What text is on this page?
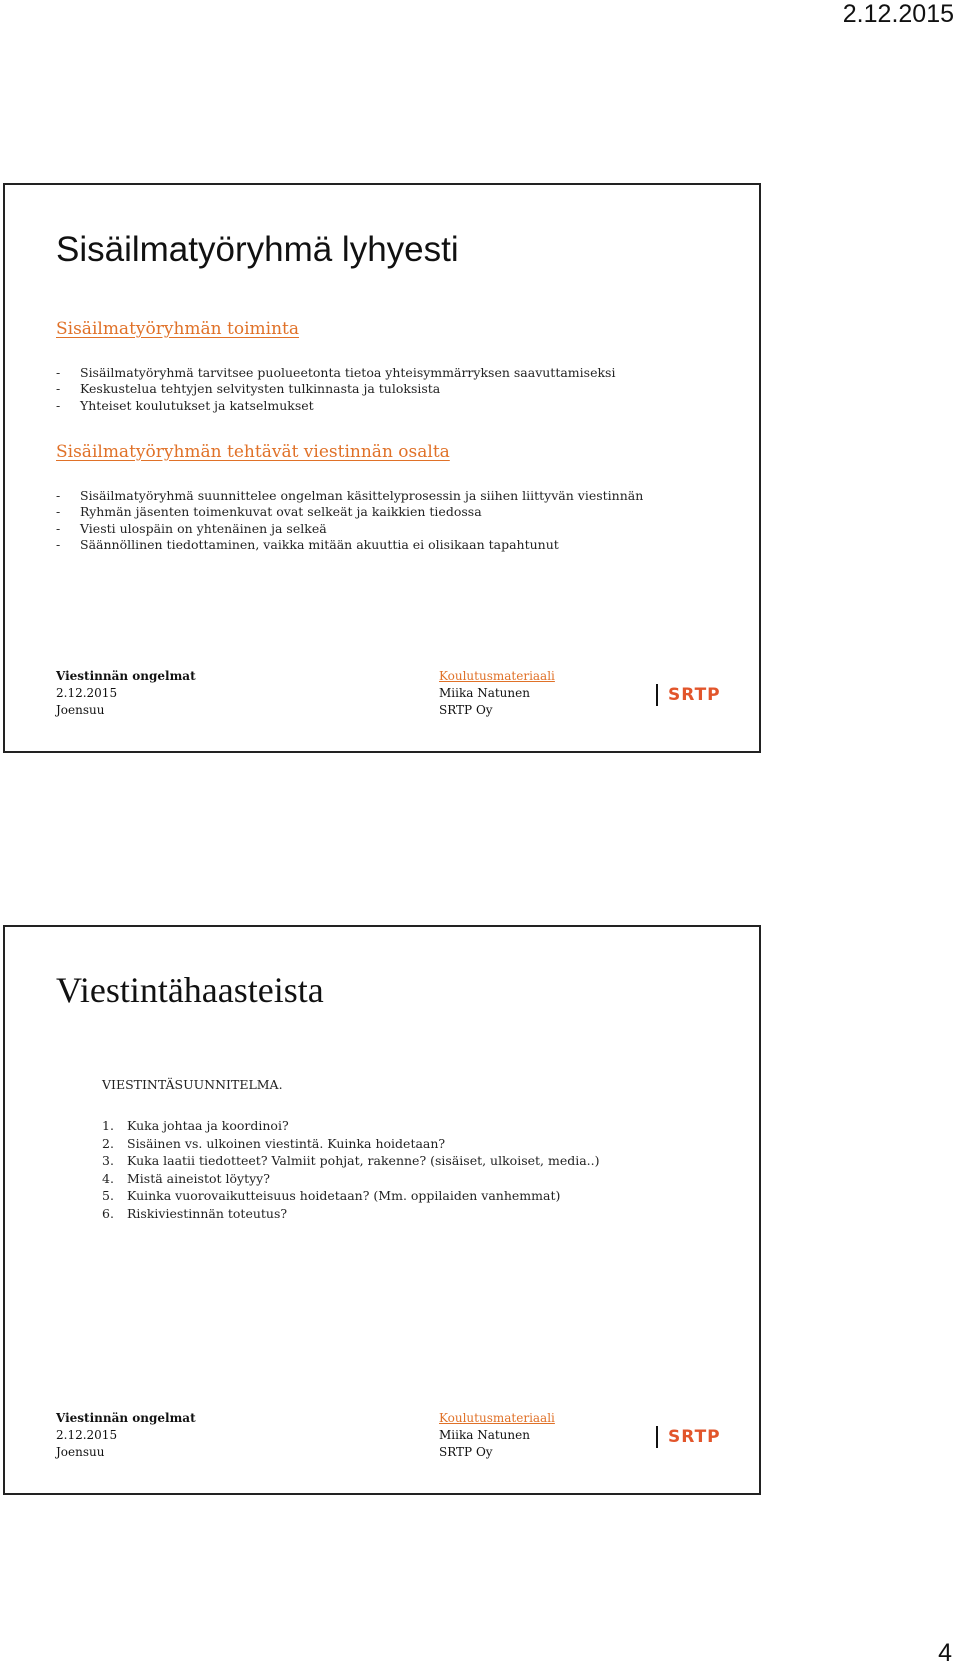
2.12.2015
Sisäilmatyöryhmä lyhyesti
Sisäilmatyöryhmän toiminta
-	Sisäilmatyöryhmä tarvitsee puolueetonta tietoa yhteisymmärryksen saavuttamiseksi
-	Keskustelua tehtyjen selvitysten tulkinnasta ja tuloksista
-	Yhteiset koulutukset ja katselmukset
Sisäilmatyöryhmän tehtävät viestinnän osalta
-	Sisäilmatyöryhmä suunnittelee ongelman käsittelyprosessin ja siihen liittyvän viestinnän
-	Ryhmän jäsenten toimenkuvat ovat selkeät ja kaikkien tiedossa
-	Viesti ulospäin on yhtenäinen ja selkeä
-	Säännöllinen tiedottaminen, vaikka mitään akuuttia ei olisikaan tapahtunut
Viestinnän ongelmat
2.12.2015
Joensuu
Koulutusmateriaali
Miika Natunen
SRTP Oy
SRTP
Viestintähaasteista
VIESTINTÄSUUNNITELMA.
1.	Kuka johtaa ja koordinoi?
2.	Sisäinen vs. ulkoinen viestintä. Kuinka hoidetaan?
3.	Kuka laatii tiedotteet? Valmiit pohjat, rakenne? (sisäiset, ulkoiset, media..)
4.	Mistä aineistot löytyy?
5.	Kuinka vuorovaikutteisuus hoidetaan? (Mm. oppilaiden vanhemmat)
6.	Riskiviestinnän toteutus?
Viestinnän ongelmat
2.12.2015
Joensuu
Koulutusmateriaali
Miika Natunen
SRTP Oy
SRTP
4
